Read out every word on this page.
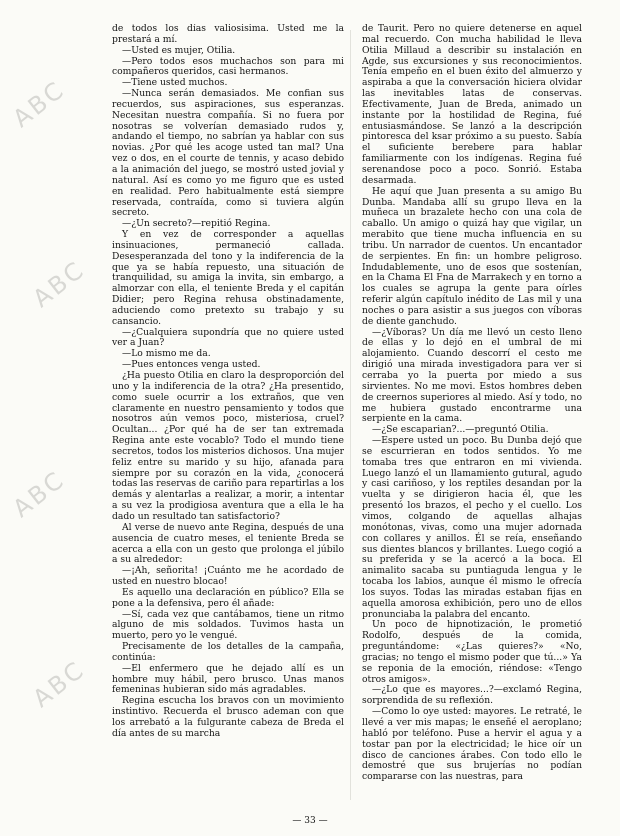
ABC
ABC
ABC
ABC

de todos los días valiosisima. Usted me la prestará a mí.

—Usted es mujer, Otilia.

—Pero todos esos muchachos son para mi compañeros queridos, casi hermanos.

—Tiene usted muchos.

—Nunca serán demasiados. Me confian sus recuerdos, sus aspiraciones, sus esperanzas. Necesitan nuestra compañía. Si no fuera por nosotras se volverían demasiado rudos y, andando el tiempo, no sabrían ya hablar con sus novias. ¿Por qué les acoge usted tan mal? Una vez o dos, en el courte de tennis, y acaso debido a la animación del juego, se mostró usted jovial y natural. Así es como yo me figuro que es usted en realidad. Pero habitualmente está siempre reservada, contraída, como si tuviera algún secreto.

—¿Un secreto?—repitió Regina.

Y en vez de corresponder a aquellas insinuaciones, permaneció callada. Desesperanzada del tono y la indiferencia de la que ya se había repuesto, una situación de tranquilidad, su amiga la invita, sin embargo, a almorzar con ella, el teniente Breda y el capitán Didier; pero Regina rehusa obstinadamente, aduciendo como pretexto su trabajo y su cansancio.

—¿Cualquiera supondría que no quiere usted ver a Juan?

—Lo mismo me da.

—Pues entonces venga usted.

¿Ha puesto Otilia en claro la desproporción del uno y la indiferencia de la otra? ¿Ha presentido, como suele ocurrir a los extraños, que ven claramente en nuestro pensamiento y todos que nosotros aún vemos poco, misteriosa, cruel? Ocultan... ¿Por qué ha de ser tan extremada Regina ante este vocablo? Todo el mundo tiene secretos, todos los misterios dichosos. Una mujer feliz entre su marido y su hijo, afanada para siempre por su corazón en la vida, ¿conocerá todas las reservas de cariño para repartirlas a los demás y alentarlas a realizar, a morir, a intentar a su vez la prodigiosa aventura que a ella le ha dado un resultado tan satisfactorio?

Al verse de nuevo ante Regina, después de una ausencia de cuatro meses, el teniente Breda se acerca a ella con un gesto que prolonga el júbilo a su alrededor:

—¡Ah, señorita! ¡Cuánto me he acordado de usted en nuestro blocao!

Es aquello una declaración en público? Ella se pone a la defensiva, pero él añade:

—Sí, cada vez que cantábamos, tiene un ritmo alguno de mis soldados. Tuvimos hasta un muerto, pero yo le vengué.

Precisamente de los detalles de la campaña, continúa:

—El enfermero que he dejado allí es un hombre muy hábil, pero brusco. Unas manos femeninas hubieran sido más agradables.

Regina escucha los bravos con un movimiento instintivo. Recuerda el brusco ademan con que los arrebató a la fulgurante cabeza de Breda el día antes de su marcha

de Taurit. Pero no quiere detenerse en aquel mal recuerdo. Con mucha habilidad le lleva Otilia Millaud a describir su instalación en Agde, sus excursiones y sus reconocimientos. Tenía empeño en el buen éxito del almuerzo y aspiraba a que la conversación hiciera olvidar las inevitables latas de conservas. Efectivamente, Juan de Breda, animado un instante por la hostilidad de Regina, fué entusiasmándose. Se lanzó a la descripción pintoresca del ksar próximo a su puesto. Sabía el suficiente berebere para hablar familiarmente con los indígenas. Regina fué serenandose poco a poco. Sonrió. Estaba desarmada.

He aquí que Juan presenta a su amigo Bu Dunba. Mandaba allí su grupo lleva en la muñeca un brazalete hecho con una cola de caballo. Un amigo o quizá hay que vigilar, un merabito que tiene mucha influencia en su tribu. Un narrador de cuentos. Un encantador de serpientes. En fin: un hombre peligroso. Indudablemente, uno de esos que sostenían, en la Chama El Fna de Marrakech y en torno a los cuales se agrupa la gente para oírles referir algún capítulo inédito de Las mil y una noches o para asistir a sus juegos con víboras de diente ganchudo.

—¿Víboras? Un día me llevó un cesto lleno de ellas y lo dejó en el umbral de mi alojamiento. Cuando descorrí el cesto me dirigió una mirada investigadora para ver si cerraba yo la puerta por miedo a sus sirvientes. No me movi. Estos hombres deben de creernos superiores al miedo. Así y todo, no me hubiera gustado encontrarme una serpiente en la cama.

—¿Se escaparian?...—preguntó Otilia.

—Espere usted un poco. Bu Dunba dejó que se escurrieran en todos sentidos. Yo me tomaba tres que entraron en mi vivienda. Luego lanzó el un llamamiento gutural, agudo y casi cariñoso, y los reptiles desandan por la vuelta y se dirigieron hacia él, que les presentó los brazos, el pecho y el cuello. Los vimos, colgando de aquellas alhajas monótonas, vivas, como una mujer adornada con collares y anillos. Él se reía, enseñando sus dientes blancos y brillantes. Luego cogió a su preferida y se la acercó a la boca. El animalito sacaba su puntiaguda lengua y le tocaba los labios, aunque él mismo le ofrecía los suyos. Todas las miradas estaban fijas en aquella amorosa exhibición, pero uno de ellos pronunciaba la palabra del encanto.

Un poco de hipnotización, le prometió Rodolfo, después de la comida, preguntándome: «¿Las quieres?» «No, gracias; no tengo el mismo poder que tú...» Ya se reponia de la emoción, riéndose: «Tengo otros amigos».

—¿Lo que es mayores...?—exclamó Regina, sorprendida de su reflexión.

—Como lo oye usted: mayores. Le retraté, le llevé a ver mis mapas; le enseñé el aeroplano; habló por teléfono. Puse a hervir el agua y a tostar pan por la electricidad; le hice oír un disco de canciones árabes. Con todo ello le demostré que sus brujerías no podían compararse con las nuestras, para

— 33 —
